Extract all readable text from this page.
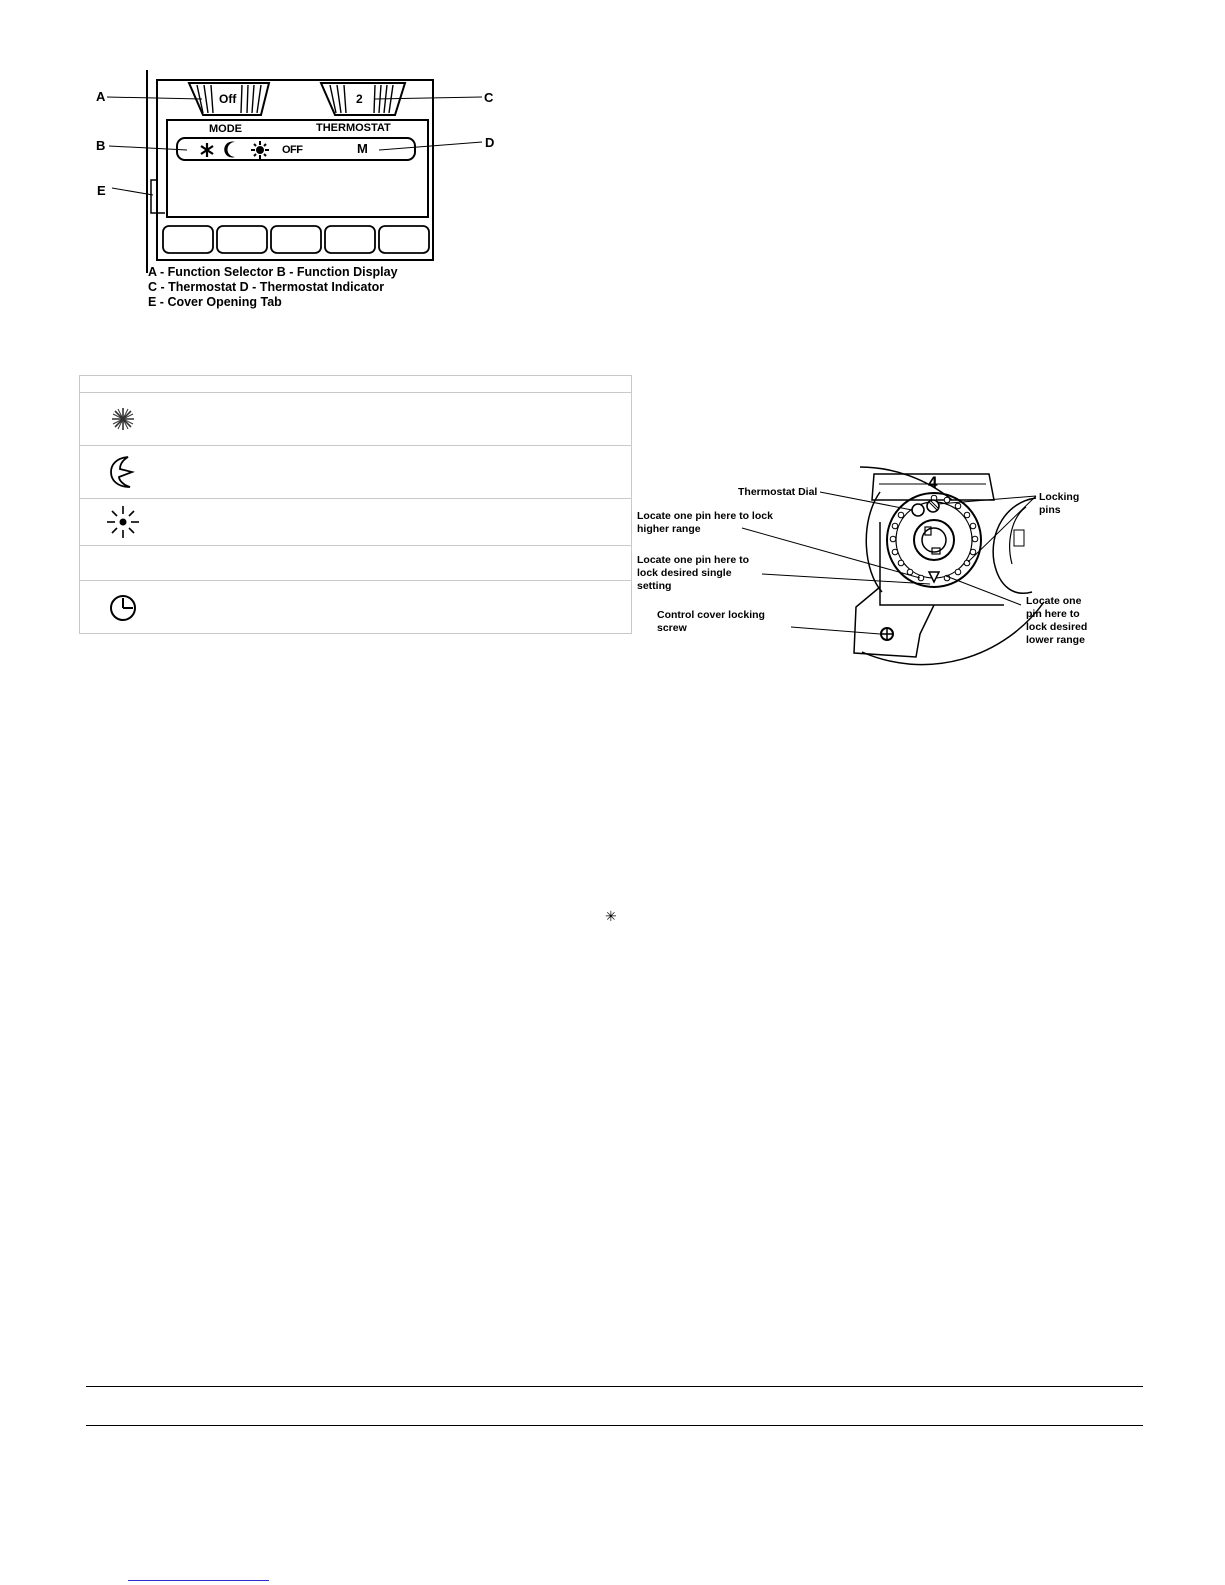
A
B
C
D
E
Off	2
MODE	THERMOSTAT
OFF	M
A - Function Selector B - Function Display
C - Thermostat D - Thermostat Indicator
E - Cover Opening Tab
4
Thermostat Dial	Locking
pins
Locate one pin here to lock
higher range
Locate one pin here to
lock desired single
setting
Control cover locking
screw
Locate one
pin here to
lock desired
lower range
✳
